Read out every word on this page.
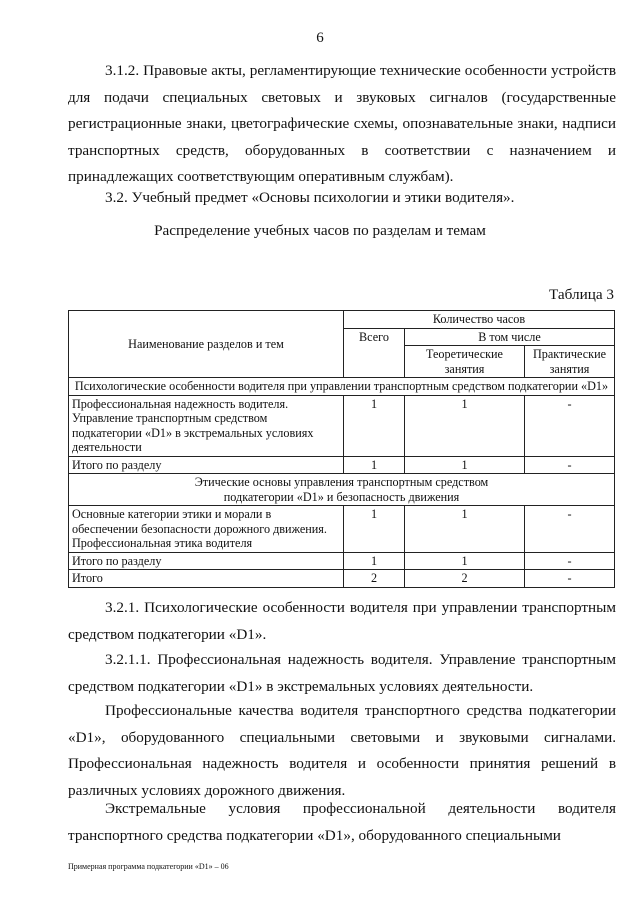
6
3.1.2. Правовые акты, регламентирующие технические особенности устройств для подачи специальных световых и звуковых сигналов (государственные регистрационные знаки, цветографические схемы, опознавательные знаки, надписи транспортных средств, оборудованных в соответствии с назначением и принадлежащих соответствующим оперативным службам).
3.2. Учебный предмет «Основы психологии и этики водителя».
Распределение учебных часов по разделам и темам
Таблица 3
Наименование разделов и тем	Количество часов		
	Всего	В том числе	
		Теоретические занятия	Практические занятия
Психологические особенности водителя при управлении транспортным средством подкатегории «D1»			
Профессиональная надежность водителя. Управление транспортным средством подкатегории «D1» в экстремальных условиях деятельности	1	1	-
Итого по разделу	1	1	-
Этические основы управления транспортным средством
подкатегории «D1» и безопасность движения			
Основные категории этики и морали в обеспечении безопасности дорожного движения. Профессиональная этика водителя	1	1	-
Итого по разделу	1	1	-
Итого	2	2	-
3.2.1. Психологические особенности водителя при управлении транспортным средством подкатегории «D1».
3.2.1.1. Профессиональная надежность водителя. Управление транспортным средством подкатегории «D1» в экстремальных условиях деятельности.
Профессиональные качества водителя транспортного средства подкатегории «D1», оборудованного специальными световыми и звуковыми сигналами. Профессиональная надежность водителя и особенности принятия решений в различных условиях дорожного движения.
Экстремальные условия профессиональной деятельности водителя транспортного средства подкатегории «D1», оборудованного специальными
Примерная программа подкатегории «D1» – 06
